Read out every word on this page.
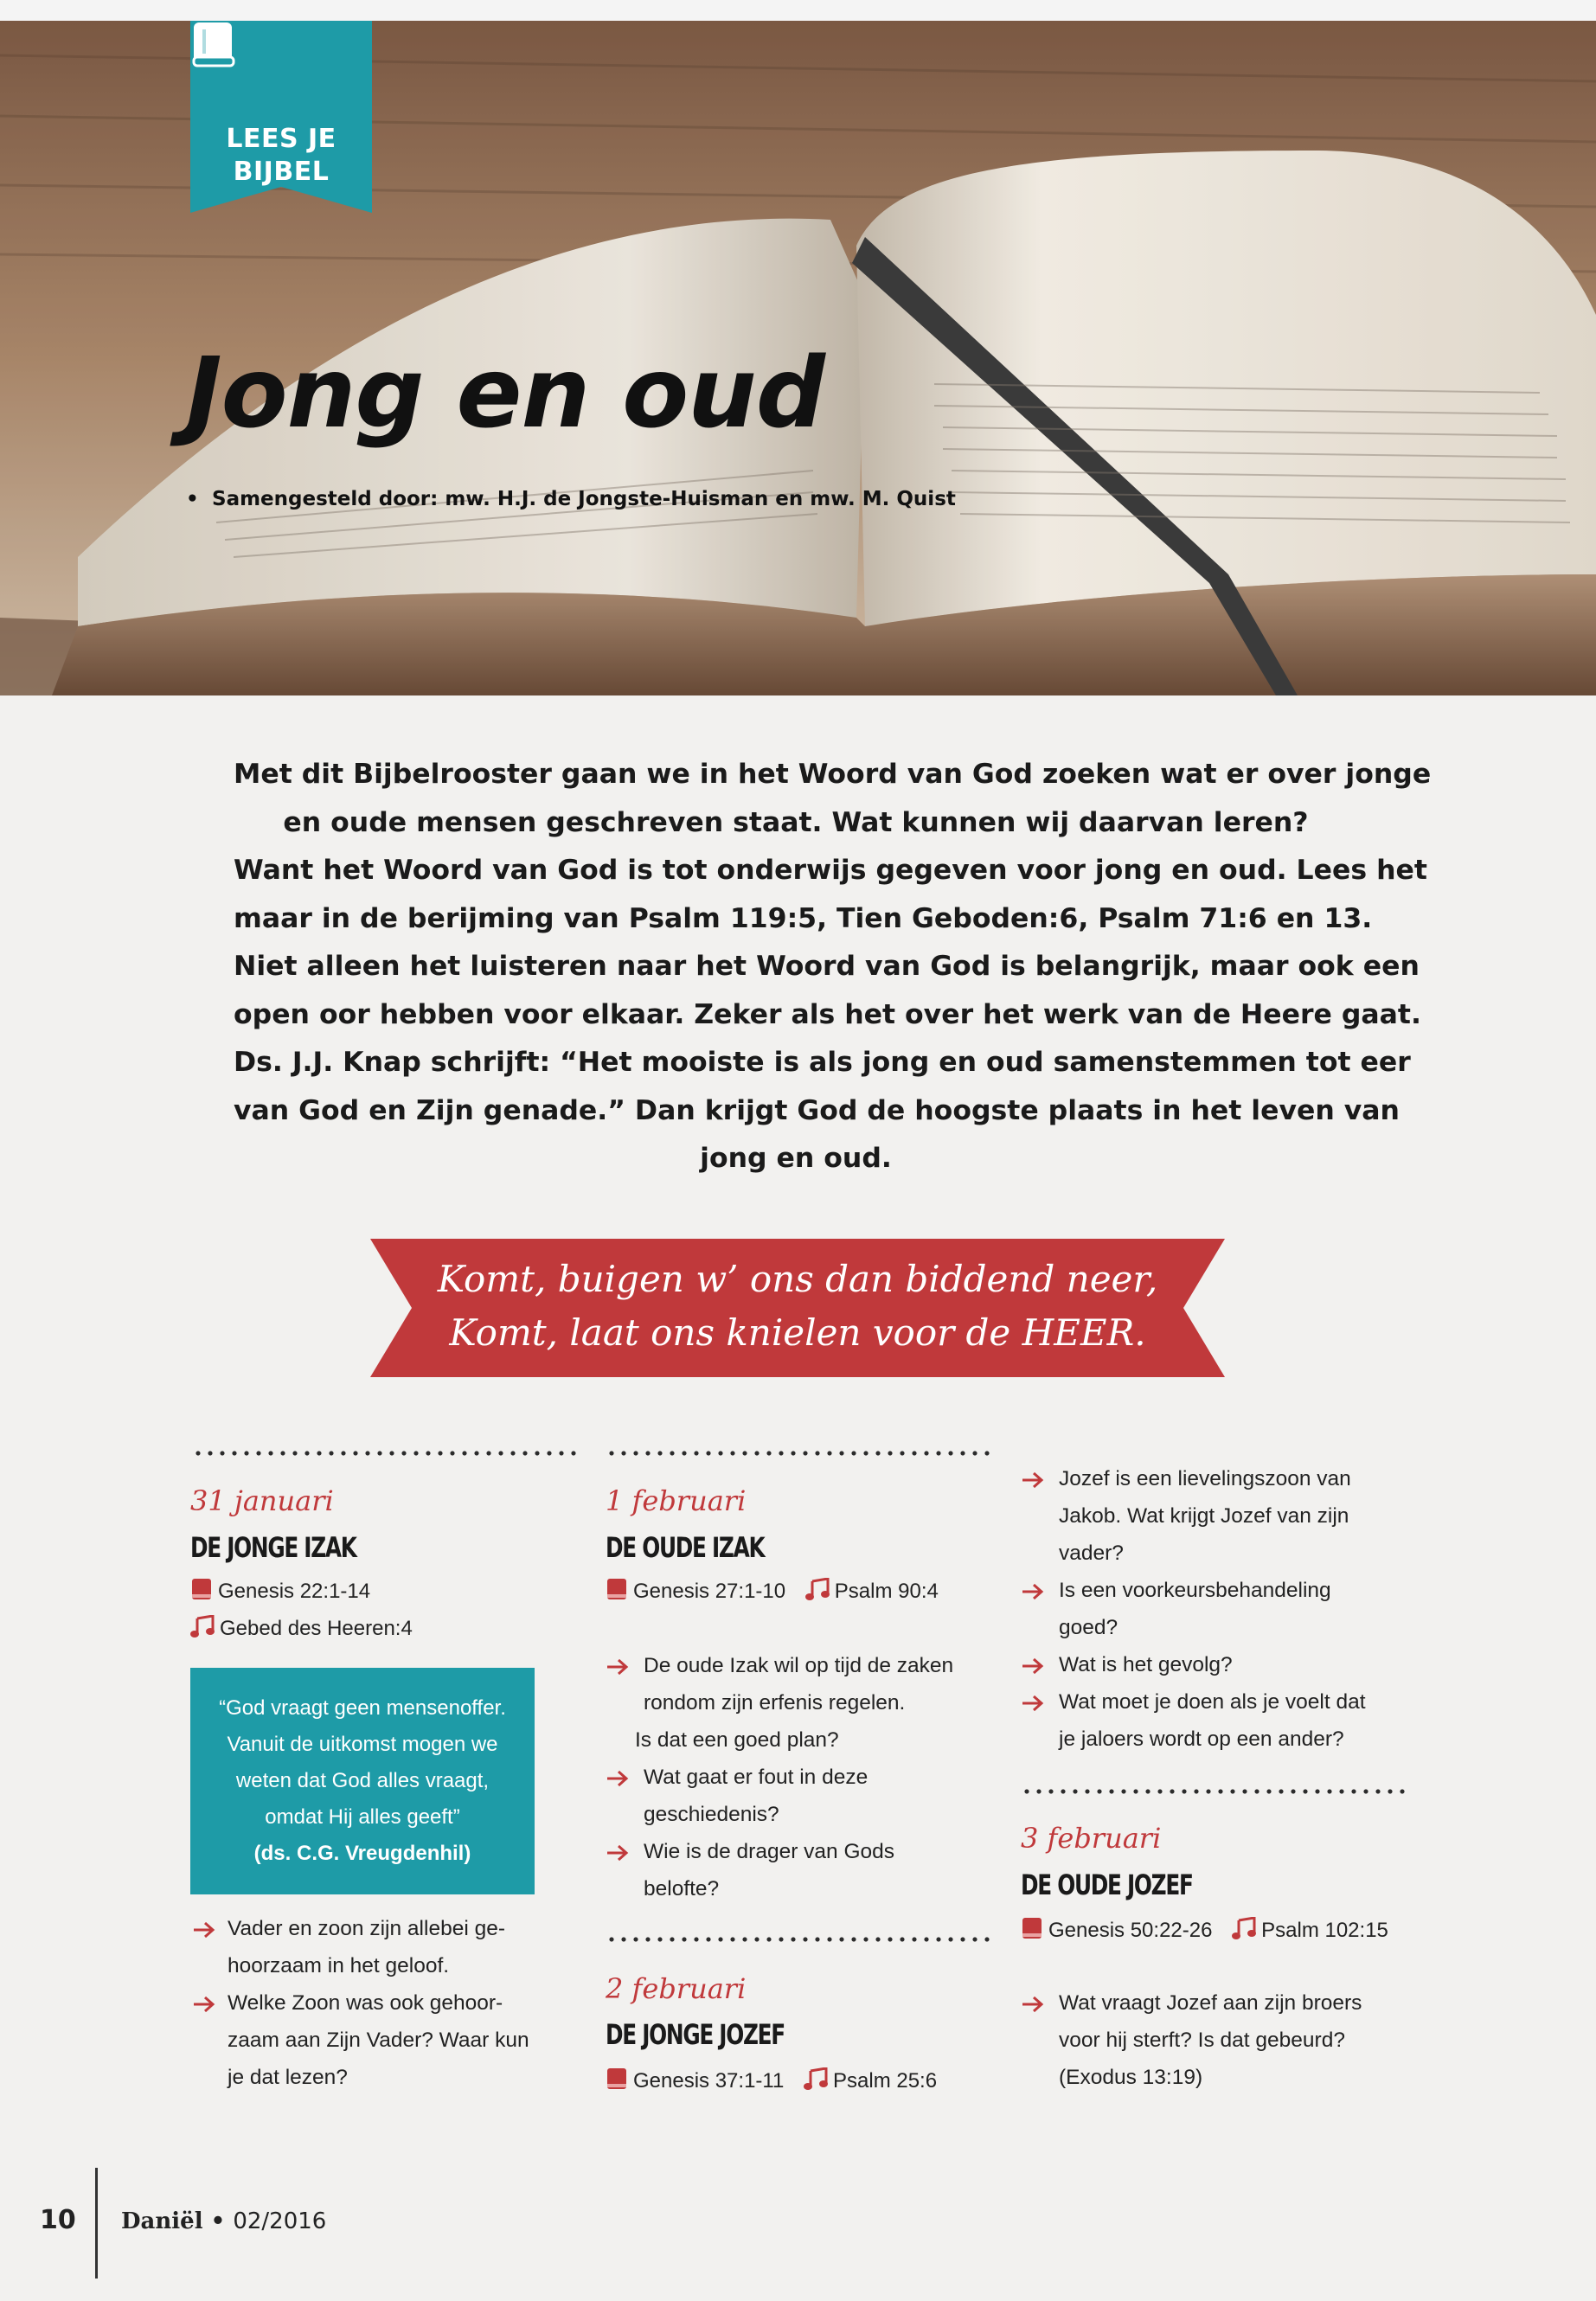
LEES JE
BIJBEL
Jong en oud
• Samengesteld door: mw. H.J. de Jongste-Huisman en mw. M. Quist

Met dit Bijbelrooster gaan we in het Woord van God zoeken wat er over jonge

en oude mensen geschreven staat. Wat kunnen wij daarvan leren?

Want het Woord van God is tot onderwijs gegeven voor jong en oud. Lees het

maar in de berijming van Psalm 119:5, Tien Geboden:6, Psalm 71:6 en 13.

Niet alleen het luisteren naar het Woord van God is belangrijk, maar ook een

open oor hebben voor elkaar. Zeker als het over het werk van de Heere gaat.

Ds. J.J. Knap schrijft: “Het mooiste is als jong en oud samenstemmen tot eer

van God en Zijn genade.” Dan krijgt God de hoogste plaats in het leven van

jong en oud.

Komt, buigen w’ ons dan biddend neer,
Komt, laat ons knielen voor de HEER.
31 januari
DE JONGE IZAK
Genesis 22:1-14
Gebed des Heeren:4
“God vraagt geen mensenoffer.
Vanuit de uitkomst mogen we
weten dat God alles vraagt,
omdat Hij alles geeft”
(ds. C.G. Vreugdenhil)
Vader en zoon zijn allebei ge-
hoorzaam in het geloof.
Welke Zoon was ook gehoor-
zaam aan Zijn Vader? Waar kun
je dat lezen?
1 februari
DE OUDE IZAK
Genesis 27:1-10 Psalm 90:4
De oude Izak wil op tijd de zaken
rondom zijn erfenis regelen.
Is dat een goed plan?
Wat gaat er fout in deze
geschiedenis?
Wie is de drager van Gods
belofte?
2 februari
DE JONGE JOZEF
Genesis 37:1-11 Psalm 25:6
Jozef is een lievelingszoon van
Jakob. Wat krijgt Jozef van zijn
vader?
Is een voorkeursbehandeling
goed?
Wat is het gevolg?
Wat moet je doen als je voelt dat
je jaloers wordt op een ander?
3 februari
DE OUDE JOZEF
Genesis 50:22-26 Psalm 102:15
Wat vraagt Jozef aan zijn broers
voor hij sterft? Is dat gebeurd?
(Exodus 13:19)
10 Daniël • 02/2016
